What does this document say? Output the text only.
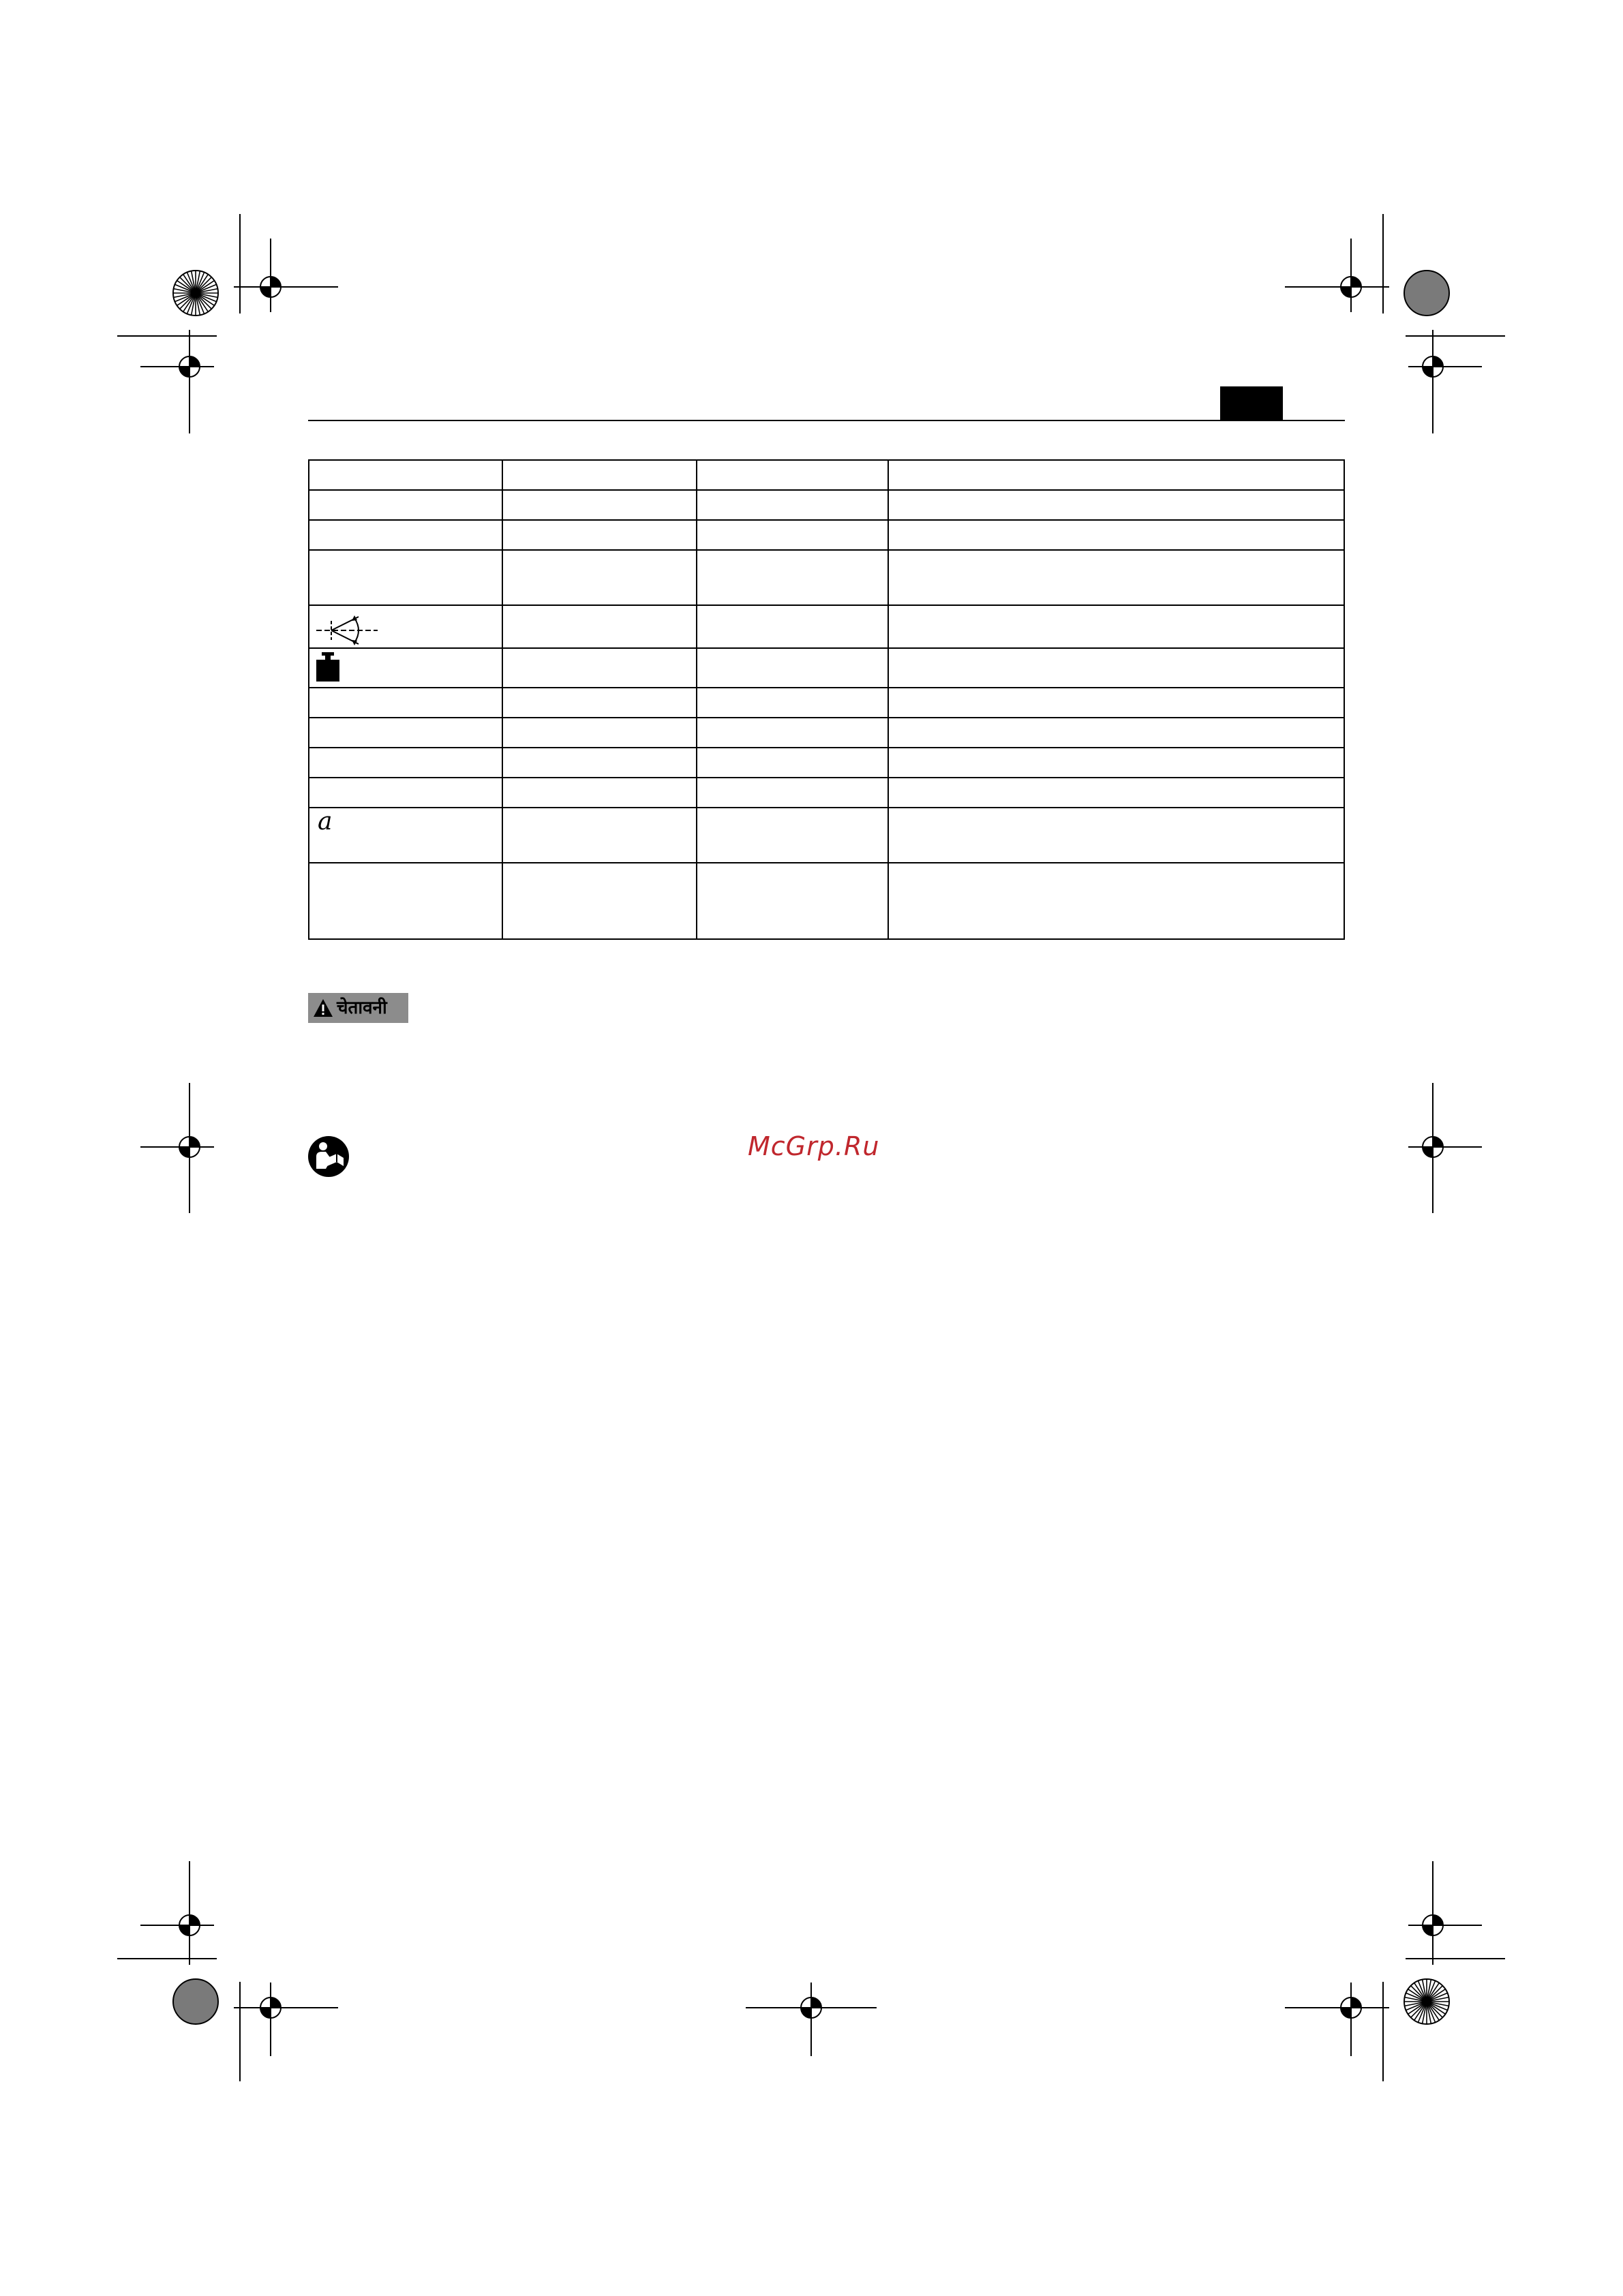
a			

चेतावनी
McGrp.Ru
